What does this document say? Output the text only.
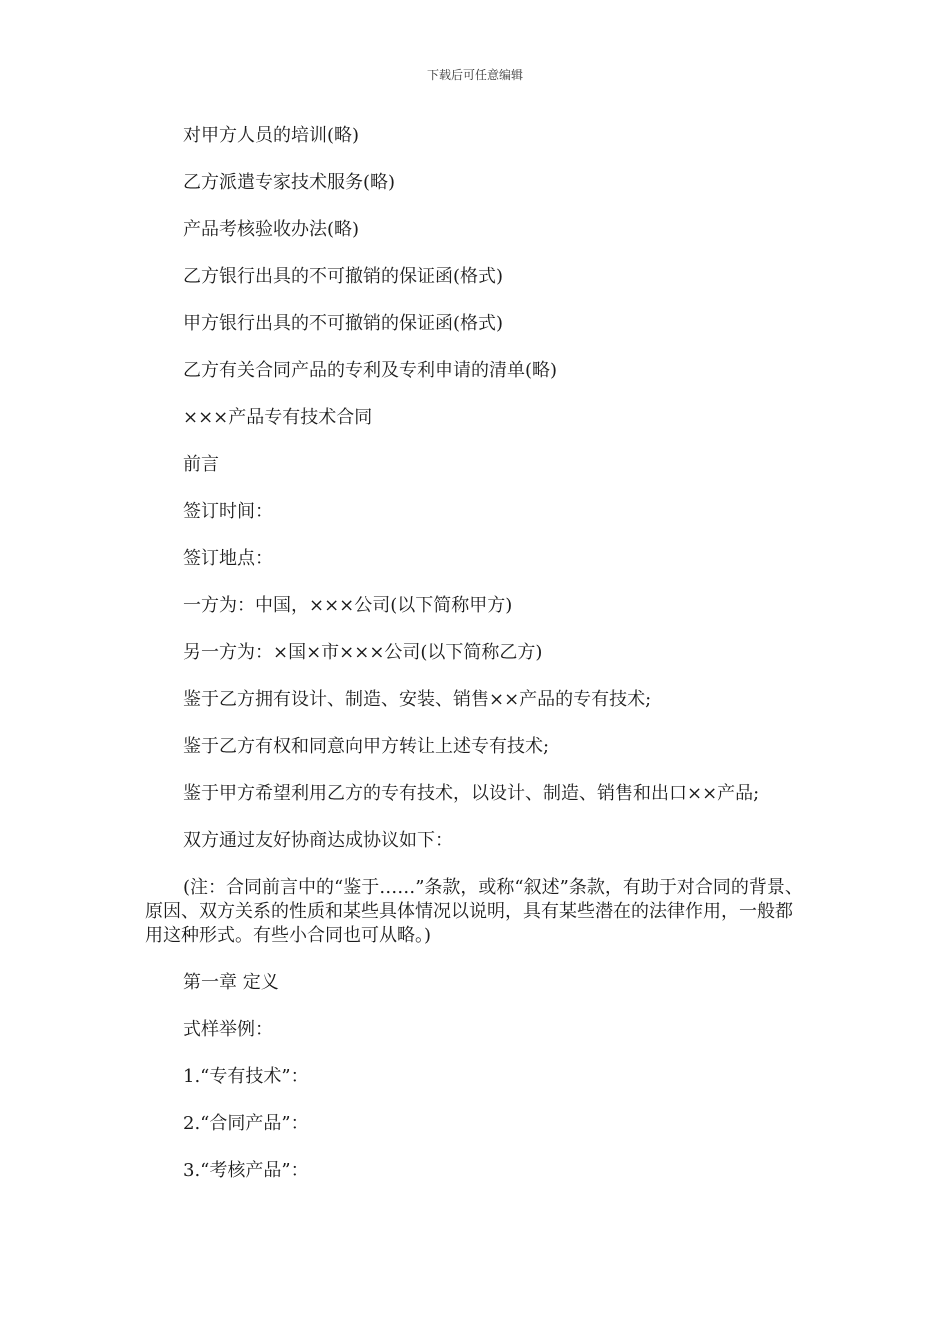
下载后可任意编辑

对甲方人员的培训(略)

乙方派遣专家技术服务(略)

产品考核验收办法(略)

乙方银行出具的不可撤销的保证函(格式)

甲方银行出具的不可撤销的保证函(格式)

乙方有关合同产品的专利及专利申请的清单(略)

×××产品专有技术合同

前言

签订时间：

签订地点：

一方为：中国，×××公司(以下简称甲方)

另一方为：×国×市×××公司(以下简称乙方)

鉴于乙方拥有设计、制造、安装、销售××产品的专有技术;

鉴于乙方有权和同意向甲方转让上述专有技术;

鉴于甲方希望利用乙方的专有技术，以设计、制造、销售和出口××产品;

双方通过友好协商达成协议如下：

(注：合同前言中的“鉴于……”条款，或称“叙述”条款，有助于对合同的背景、原因、双方关系的性质和某些具体情况以说明，具有某些潜在的法律作用，一般都用这种形式。有些小合同也可从略。)

第一章 定义

式样举例：

1.“专有技术”：

2.“合同产品”：

3.“考核产品”：
